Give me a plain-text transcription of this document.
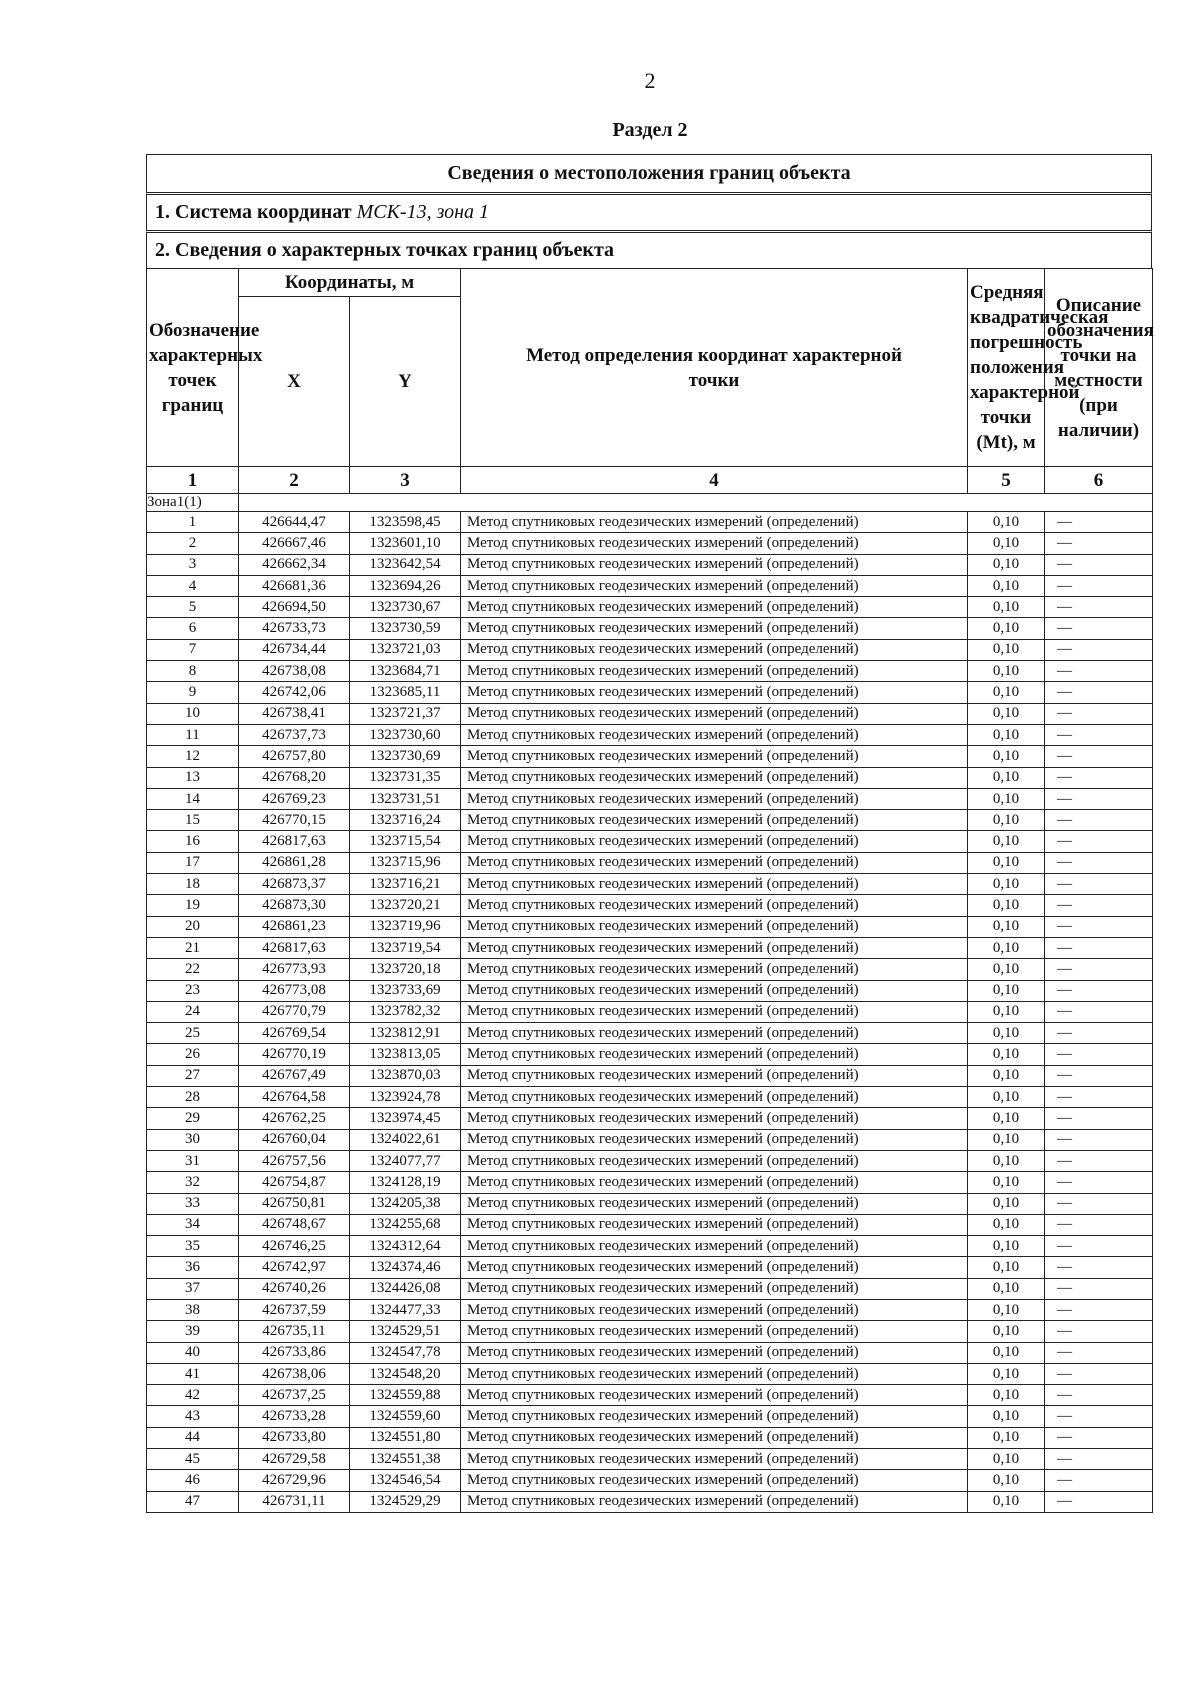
2
Раздел 2
Сведения о местоположения границ объекта
1. Система координат
МСК-13, зона 1
2. Сведения о характерных точках границ объекта
Обозначение характерных точек границ	Координаты, м		Метод определения координат характерной точки	Средняя квадратическая погрешность положения характерной точки (Mt), м	Описание обозначения точки на местности (при наличии)
	X	Y			
1	2	3	4	5	6
Зона1(1)					
1	426644,47	1323598,45	Метод спутниковых геодезических измерений (определений)	0,10	—
2	426667,46	1323601,10	Метод спутниковых геодезических измерений (определений)	0,10	—
3	426662,34	1323642,54	Метод спутниковых геодезических измерений (определений)	0,10	—
4	426681,36	1323694,26	Метод спутниковых геодезических измерений (определений)	0,10	—
5	426694,50	1323730,67	Метод спутниковых геодезических измерений (определений)	0,10	—
6	426733,73	1323730,59	Метод спутниковых геодезических измерений (определений)	0,10	—
7	426734,44	1323721,03	Метод спутниковых геодезических измерений (определений)	0,10	—
8	426738,08	1323684,71	Метод спутниковых геодезических измерений (определений)	0,10	—
9	426742,06	1323685,11	Метод спутниковых геодезических измерений (определений)	0,10	—
10	426738,41	1323721,37	Метод спутниковых геодезических измерений (определений)	0,10	—
11	426737,73	1323730,60	Метод спутниковых геодезических измерений (определений)	0,10	—
12	426757,80	1323730,69	Метод спутниковых геодезических измерений (определений)	0,10	—
13	426768,20	1323731,35	Метод спутниковых геодезических измерений (определений)	0,10	—
14	426769,23	1323731,51	Метод спутниковых геодезических измерений (определений)	0,10	—
15	426770,15	1323716,24	Метод спутниковых геодезических измерений (определений)	0,10	—
16	426817,63	1323715,54	Метод спутниковых геодезических измерений (определений)	0,10	—
17	426861,28	1323715,96	Метод спутниковых геодезических измерений (определений)	0,10	—
18	426873,37	1323716,21	Метод спутниковых геодезических измерений (определений)	0,10	—
19	426873,30	1323720,21	Метод спутниковых геодезических измерений (определений)	0,10	—
20	426861,23	1323719,96	Метод спутниковых геодезических измерений (определений)	0,10	—
21	426817,63	1323719,54	Метод спутниковых геодезических измерений (определений)	0,10	—
22	426773,93	1323720,18	Метод спутниковых геодезических измерений (определений)	0,10	—
23	426773,08	1323733,69	Метод спутниковых геодезических измерений (определений)	0,10	—
24	426770,79	1323782,32	Метод спутниковых геодезических измерений (определений)	0,10	—
25	426769,54	1323812,91	Метод спутниковых геодезических измерений (определений)	0,10	—
26	426770,19	1323813,05	Метод спутниковых геодезических измерений (определений)	0,10	—
27	426767,49	1323870,03	Метод спутниковых геодезических измерений (определений)	0,10	—
28	426764,58	1323924,78	Метод спутниковых геодезических измерений (определений)	0,10	—
29	426762,25	1323974,45	Метод спутниковых геодезических измерений (определений)	0,10	—
30	426760,04	1324022,61	Метод спутниковых геодезических измерений (определений)	0,10	—
31	426757,56	1324077,77	Метод спутниковых геодезических измерений (определений)	0,10	—
32	426754,87	1324128,19	Метод спутниковых геодезических измерений (определений)	0,10	—
33	426750,81	1324205,38	Метод спутниковых геодезических измерений (определений)	0,10	—
34	426748,67	1324255,68	Метод спутниковых геодезических измерений (определений)	0,10	—
35	426746,25	1324312,64	Метод спутниковых геодезических измерений (определений)	0,10	—
36	426742,97	1324374,46	Метод спутниковых геодезических измерений (определений)	0,10	—
37	426740,26	1324426,08	Метод спутниковых геодезических измерений (определений)	0,10	—
38	426737,59	1324477,33	Метод спутниковых геодезических измерений (определений)	0,10	—
39	426735,11	1324529,51	Метод спутниковых геодезических измерений (определений)	0,10	—
40	426733,86	1324547,78	Метод спутниковых геодезических измерений (определений)	0,10	—
41	426738,06	1324548,20	Метод спутниковых геодезических измерений (определений)	0,10	—
42	426737,25	1324559,88	Метод спутниковых геодезических измерений (определений)	0,10	—
43	426733,28	1324559,60	Метод спутниковых геодезических измерений (определений)	0,10	—
44	426733,80	1324551,80	Метод спутниковых геодезических измерений (определений)	0,10	—
45	426729,58	1324551,38	Метод спутниковых геодезических измерений (определений)	0,10	—
46	426729,96	1324546,54	Метод спутниковых геодезических измерений (определений)	0,10	—
47	426731,11	1324529,29	Метод спутниковых геодезических измерений (определений)	0,10	—
